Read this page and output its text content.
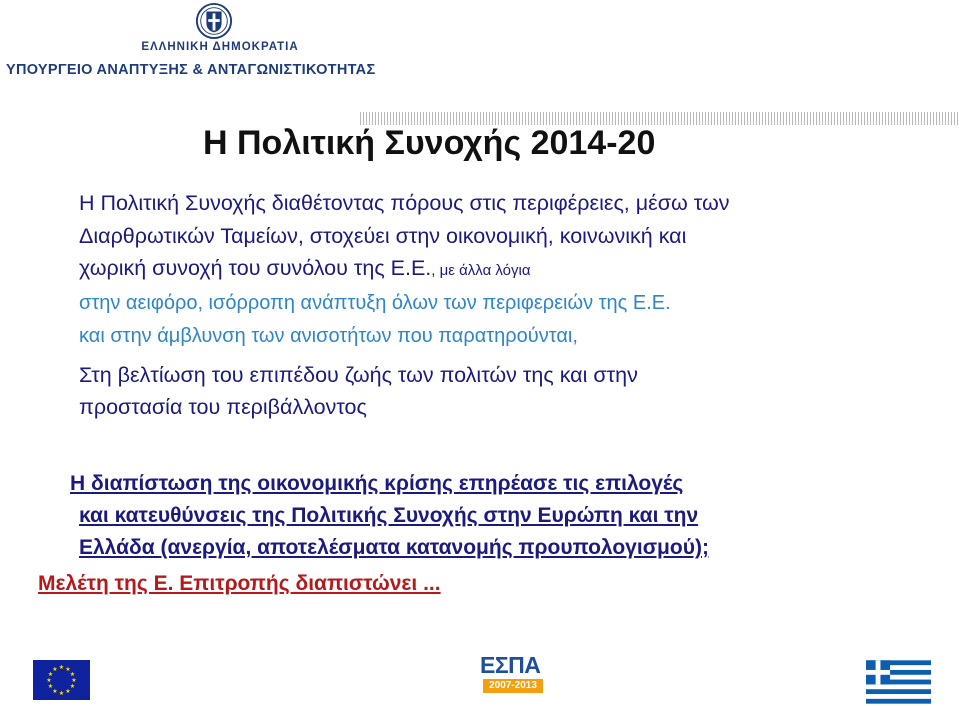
ΕΛΛΗΝΙΚΗ ΔΗΜΟΚΡΑΤΙΑ
ΥΠΟΥΡΓΕΙΟ ΑΝΑΠΤΥΞΗΣ & ΑΝΤΑΓΩΝΙΣΤΙΚΟΤΗΤΑΣ
Η Πολιτική Συνοχής 2014-20
Η Πολιτική Συνοχής διαθέτοντας πόρους στις περιφέρειες, μέσω των
Διαρθρωτικών Ταμείων, στοχεύει στην οικονομική, κοινωνική και
χωρική συνοχή του συνόλου της Ε.Ε., με άλλα λόγια
στην αειφόρο, ισόρροπη ανάπτυξη όλων των περιφερειών της Ε.Ε.
και στην άμβλυνση των ανισοτήτων που παρατηρούνται,
Στη βελτίωση του επιπέδου ζωής των πολιτών της και στην
προστασία του περιβάλλοντος
Η διαπίστωση της οικονομικής κρίσης επηρέασε τις επιλογές
και κατευθύνσεις της Πολιτικής Συνοχής στην Ευρώπη και την
Ελλάδα (ανεργία, αποτελέσματα κατανομής προυπολογισμού);
Μελέτη της Ε. Επιτροπής διαπιστώνει ...
★ ★
★
★
★
★
★
★
★
★
★
★	ΕΣΠΑ
2007-2013
